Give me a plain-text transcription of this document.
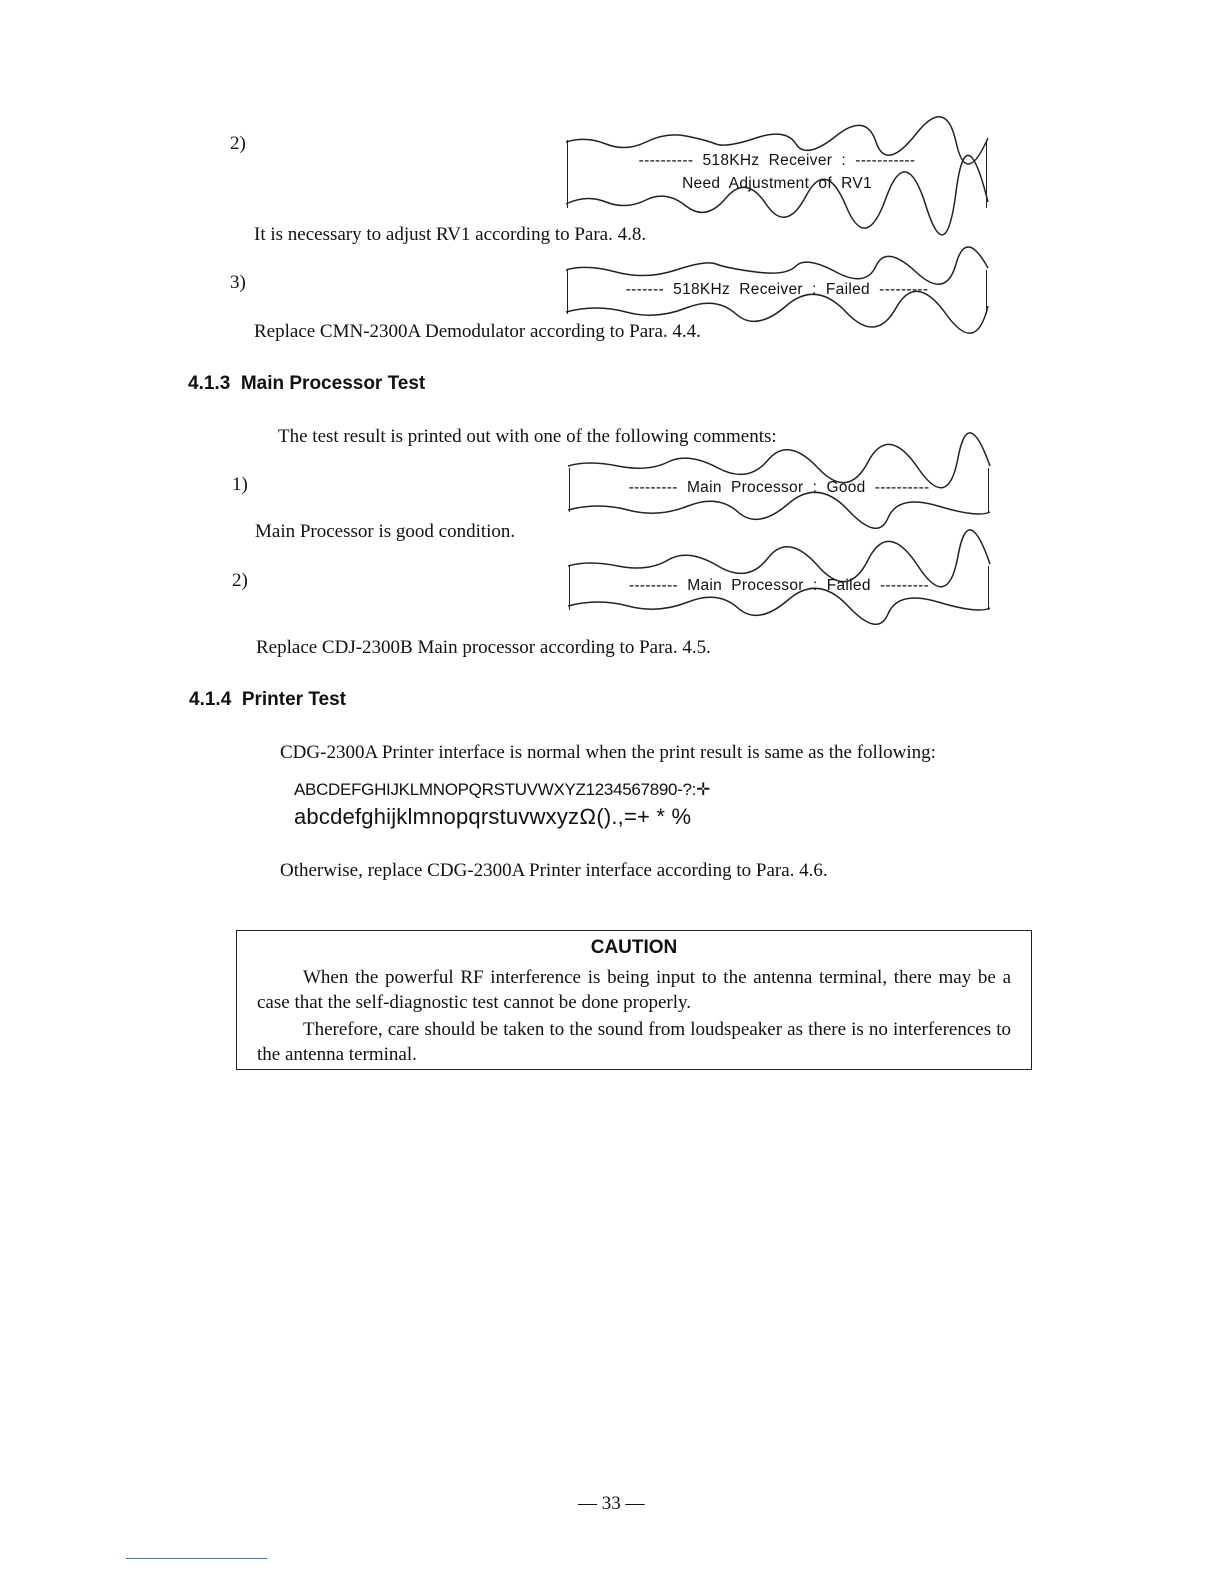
2)
----------  518KHz  Receiver  :  -----------
Need  Adjustment  of  RV1
It is necessary to adjust RV1 according to Para. 4.8.
3)	-------  518KHz  Receiver  :  Failed  ---------
Replace CMN-2300A Demodulator according to Para. 4.4.
4.1.3 Main Processor Test
The test result is printed out with one of the following comments:
1)	---------  Main  Processor  :  Good  ----------
Main Processor is good condition.
2)	---------  Main  Processor  :  Failed  ---------
Replace CDJ-2300B Main processor according to Para. 4.5.
4.1.4 Printer Test
CDG-2300A Printer interface is normal when the print result is same as the following:
ABCDEFGHIJKLMNOPQRSTUVWXYZ1234567890-?:✛
abcdefghijklmnopqrstuvwxyzΩ().,=+ * %
Otherwise, replace CDG-2300A Printer interface according to Para. 4.6.
CAUTION
When the powerful RF interference is being input to the antenna terminal, there may be a case that the self-diagnostic test cannot be done properly.
Therefore, care should be taken to the sound from loudspeaker as there is no interferences to the antenna terminal.
— 33 —
